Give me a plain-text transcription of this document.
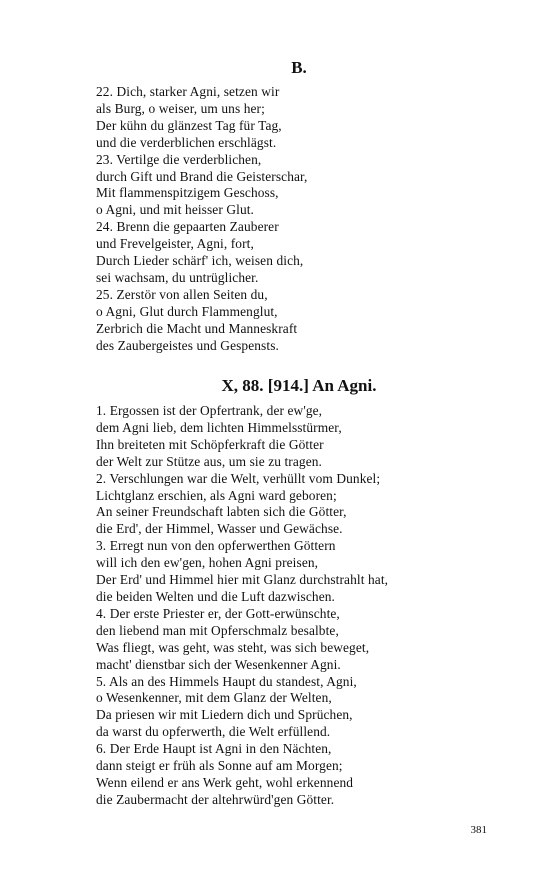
B.
22. Dich, starker Agni, setzen wir
als Burg, o weiser, um uns her;
Der kühn du glänzest Tag für Tag,
und die verderblichen erschlägst.
23. Vertilge die verderblichen,
durch Gift und Brand die Geisterschar,
Mit flammenspitzigem Geschoss,
o Agni, und mit heisser Glut.
24. Brenn die gepaarten Zauberer
und Frevelgeister, Agni, fort,
Durch Lieder schärf' ich, weisen dich,
sei wachsam, du untrüglicher.
25. Zerstör von allen Seiten du,
o Agni, Glut durch Flammenglut,
Zerbrich die Macht und Manneskraft
des Zaubergeistes und Gespensts.
X, 88. [914.] An Agni.
1. Ergossen ist der Opfertrank, der ew'ge,
dem Agni lieb, dem lichten Himmelsstürmer,
Ihn breiteten mit Schöpferkraft die Götter
der Welt zur Stütze aus, um sie zu tragen.
2. Verschlungen war die Welt, verhüllt vom Dunkel;
Lichtglanz erschien, als Agni ward geboren;
An seiner Freundschaft labten sich die Götter,
die Erd', der Himmel, Wasser und Gewächse.
3. Erregt nun von den opferwerthen Göttern
will ich den ew'gen, hohen Agni preisen,
Der Erd' und Himmel hier mit Glanz durchstrahlt hat,
die beiden Welten und die Luft dazwischen.
4. Der erste Priester er, der Gott-erwünschte,
den liebend man mit Opferschmalz besalbte,
Was fliegt, was geht, was steht, was sich beweget,
macht' dienstbar sich der Wesenkenner Agni.
5. Als an des Himmels Haupt du standest, Agni,
o Wesenkenner, mit dem Glanz der Welten,
Da priesen wir mit Liedern dich und Sprüchen,
da warst du opferwerth, die Welt erfüllend.
6. Der Erde Haupt ist Agni in den Nächten,
dann steigt er früh als Sonne auf am Morgen;
Wenn eilend er ans Werk geht, wohl erkennend
die Zaubermacht der altehrwürd'gen Götter.
381
